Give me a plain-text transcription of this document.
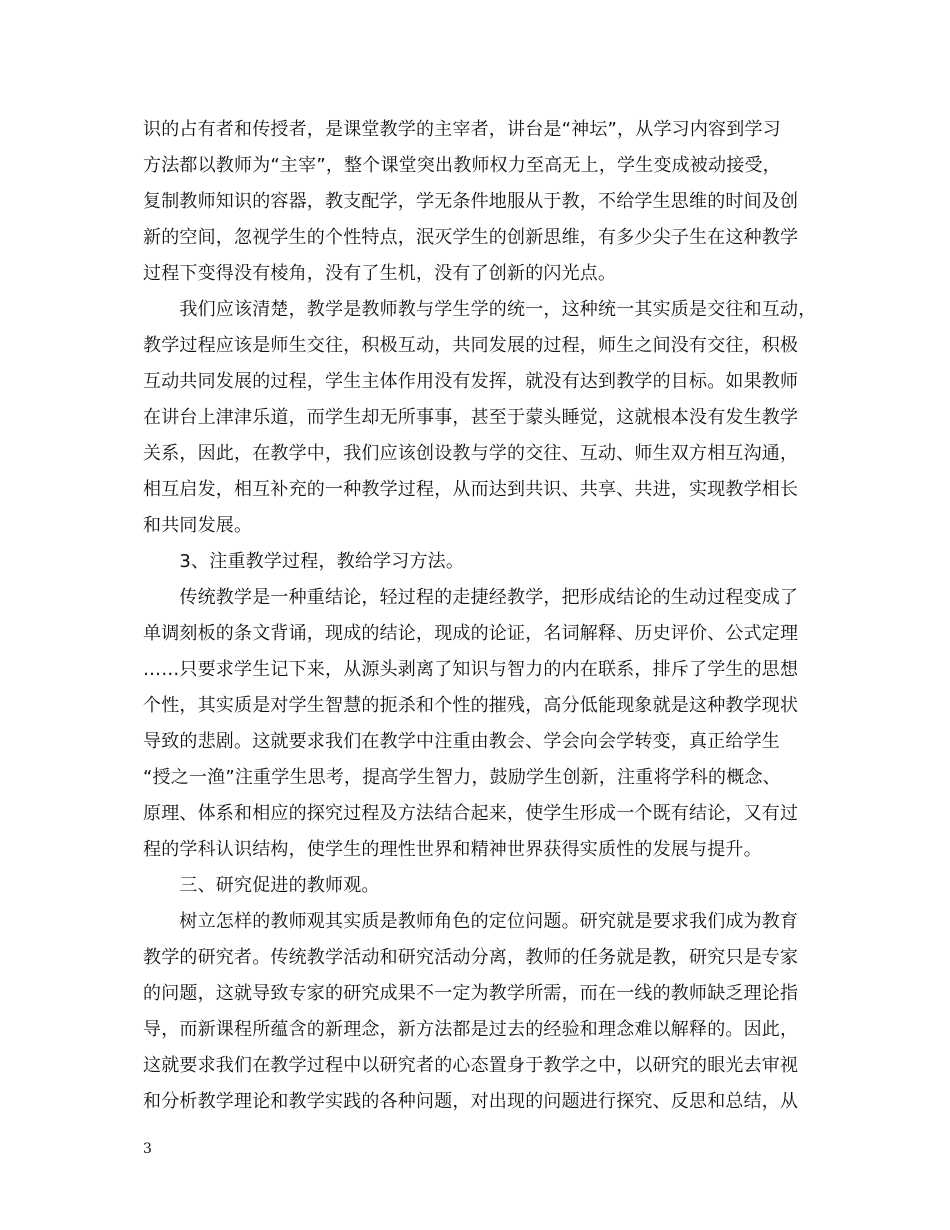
识的占有者和传授者，是课堂教学的主宰者，讲台是“神坛”，从学习内容到学习
方法都以教师为“主宰”，整个课堂突出教师权力至高无上，学生变成被动接受，
复制教师知识的容器，教支配学，学无条件地服从于教，不给学生思维的时间及创
新的空间，忽视学生的个性特点，泯灭学生的创新思维，有多少尖子生在这种教学
过程下变得没有棱角，没有了生机，没有了创新的闪光点。
　　我们应该清楚，教学是教师教与学生学的统一，这种统一其实质是交往和互动，
教学过程应该是师生交往，积极互动，共同发展的过程，师生之间没有交往，积极
互动共同发展的过程，学生主体作用没有发挥，就没有达到教学的目标。如果教师
在讲台上津津乐道，而学生却无所事事，甚至于蒙头睡觉，这就根本没有发生教学
关系，因此，在教学中，我们应该创设教与学的交往、互动、师生双方相互沟通，
相互启发，相互补充的一种教学过程，从而达到共识、共享、共进，实现教学相长
和共同发展。
　　3、注重教学过程，教给学习方法。
　　传统教学是一种重结论，轻过程的走捷经教学，把形成结论的生动过程变成了
单调刻板的条文背诵，现成的结论，现成的论证，名词解释、历史评价、公式定理
……只要求学生记下来，从源头剥离了知识与智力的内在联系，排斥了学生的思想
个性，其实质是对学生智慧的扼杀和个性的摧残，高分低能现象就是这种教学现状
导致的悲剧。这就要求我们在教学中注重由教会、学会向会学转变，真正给学生
“授之一渔”注重学生思考，提高学生智力，鼓励学生创新，注重将学科的概念、
原理、体系和相应的探究过程及方法结合起来，使学生形成一个既有结论，又有过
程的学科认识结构，使学生的理性世界和精神世界获得实质性的发展与提升。
　　三、研究促进的教师观。
　　树立怎样的教师观其实质是教师角色的定位问题。研究就是要求我们成为教育
教学的研究者。传统教学活动和研究活动分离，教师的任务就是教，研究只是专家
的问题，这就导致专家的研究成果不一定为教学所需，而在一线的教师缺乏理论指
导，而新课程所蕴含的新理念，新方法都是过去的经验和理念难以解释的。因此，
这就要求我们在教学过程中以研究者的心态置身于教学之中，以研究的眼光去审视
和分析教学理论和教学实践的各种问题，对出现的问题进行探究、反思和总结，从
3
